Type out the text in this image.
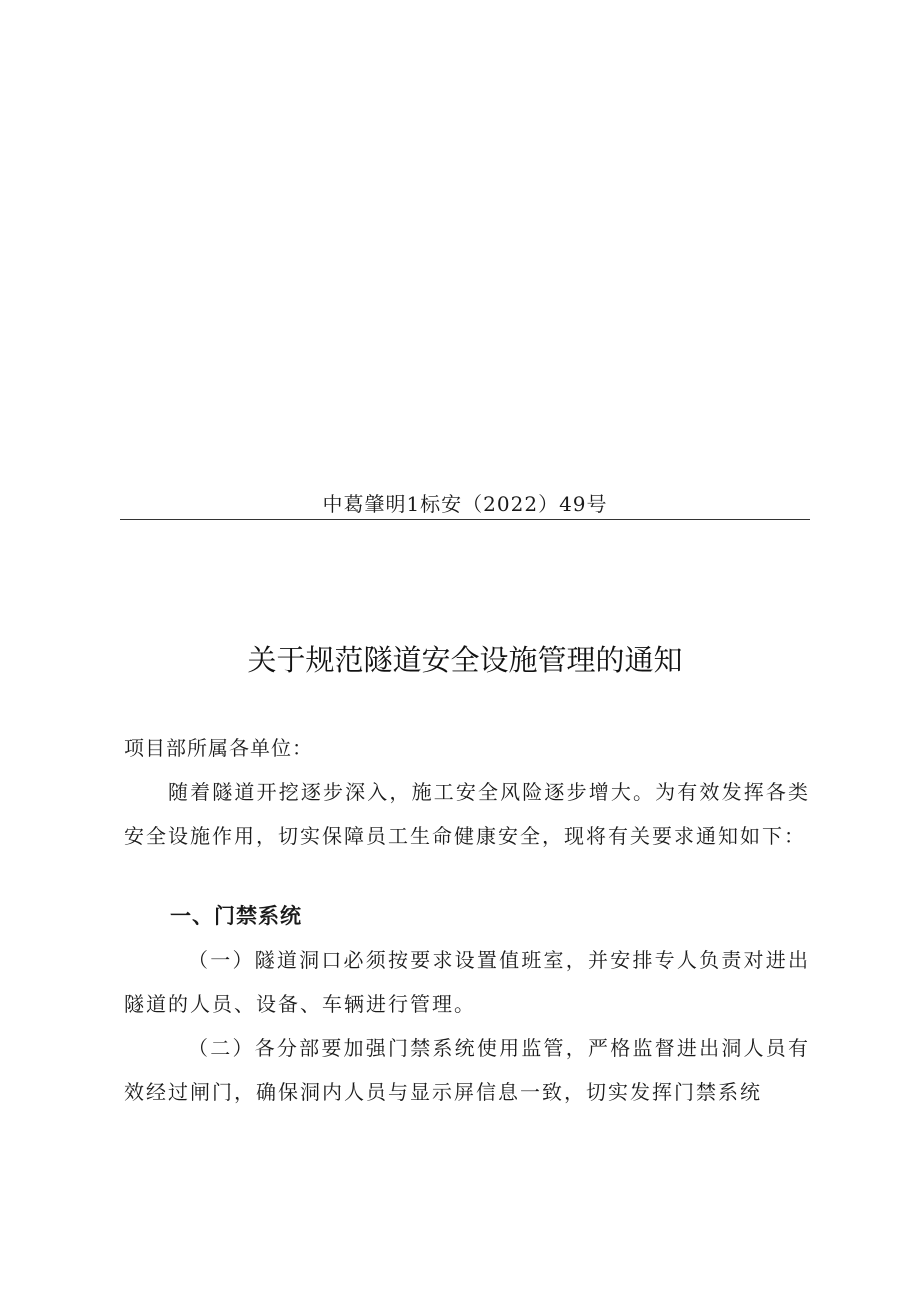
中葛肇明1标安（2022）49号
关于规范隧道安全设施管理的通知
项目部所属各单位：
随着隧道开挖逐步深入，施工安全风险逐步增大。为有效发挥各类安全设施作用，切实保障员工生命健康安全，现将有关要求通知如下：
一、门禁系统
（一）隧道洞口必须按要求设置值班室，并安排专人负责对进出隧道的人员、设备、车辆进行管理。
（二）各分部要加强门禁系统使用监管，严格监督进出洞人员有效经过闸门，确保洞内人员与显示屏信息一致，切实发挥门禁系统
